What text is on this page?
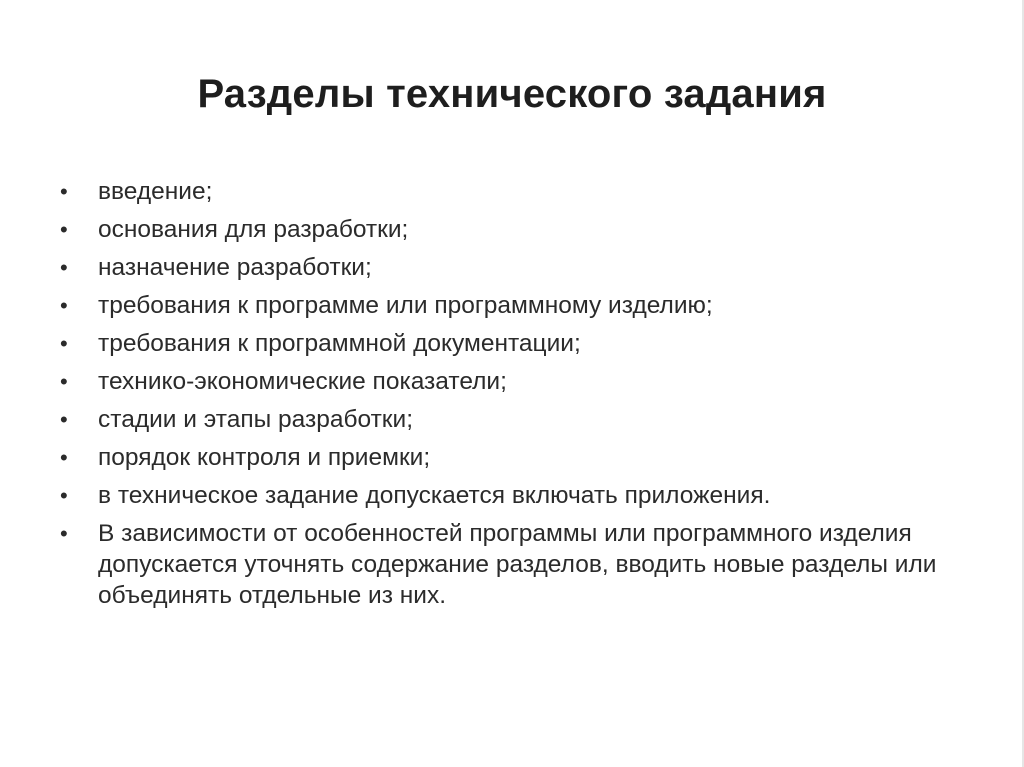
Разделы технического задания
•	введение;
•	основания для разработки;
•	назначение разработки;
•	требования к программе или программному изделию;
•	требования к программной документации;
•	технико-экономические показатели;
•	стадии и этапы разработки;
•	порядок контроля и приемки;
•	в техническое задание допускается включать приложения.
•	В зависимости от особенностей программы или программного изделия допускается уточнять содержание разделов, вводить новые разделы или объединять отдельные из них.
